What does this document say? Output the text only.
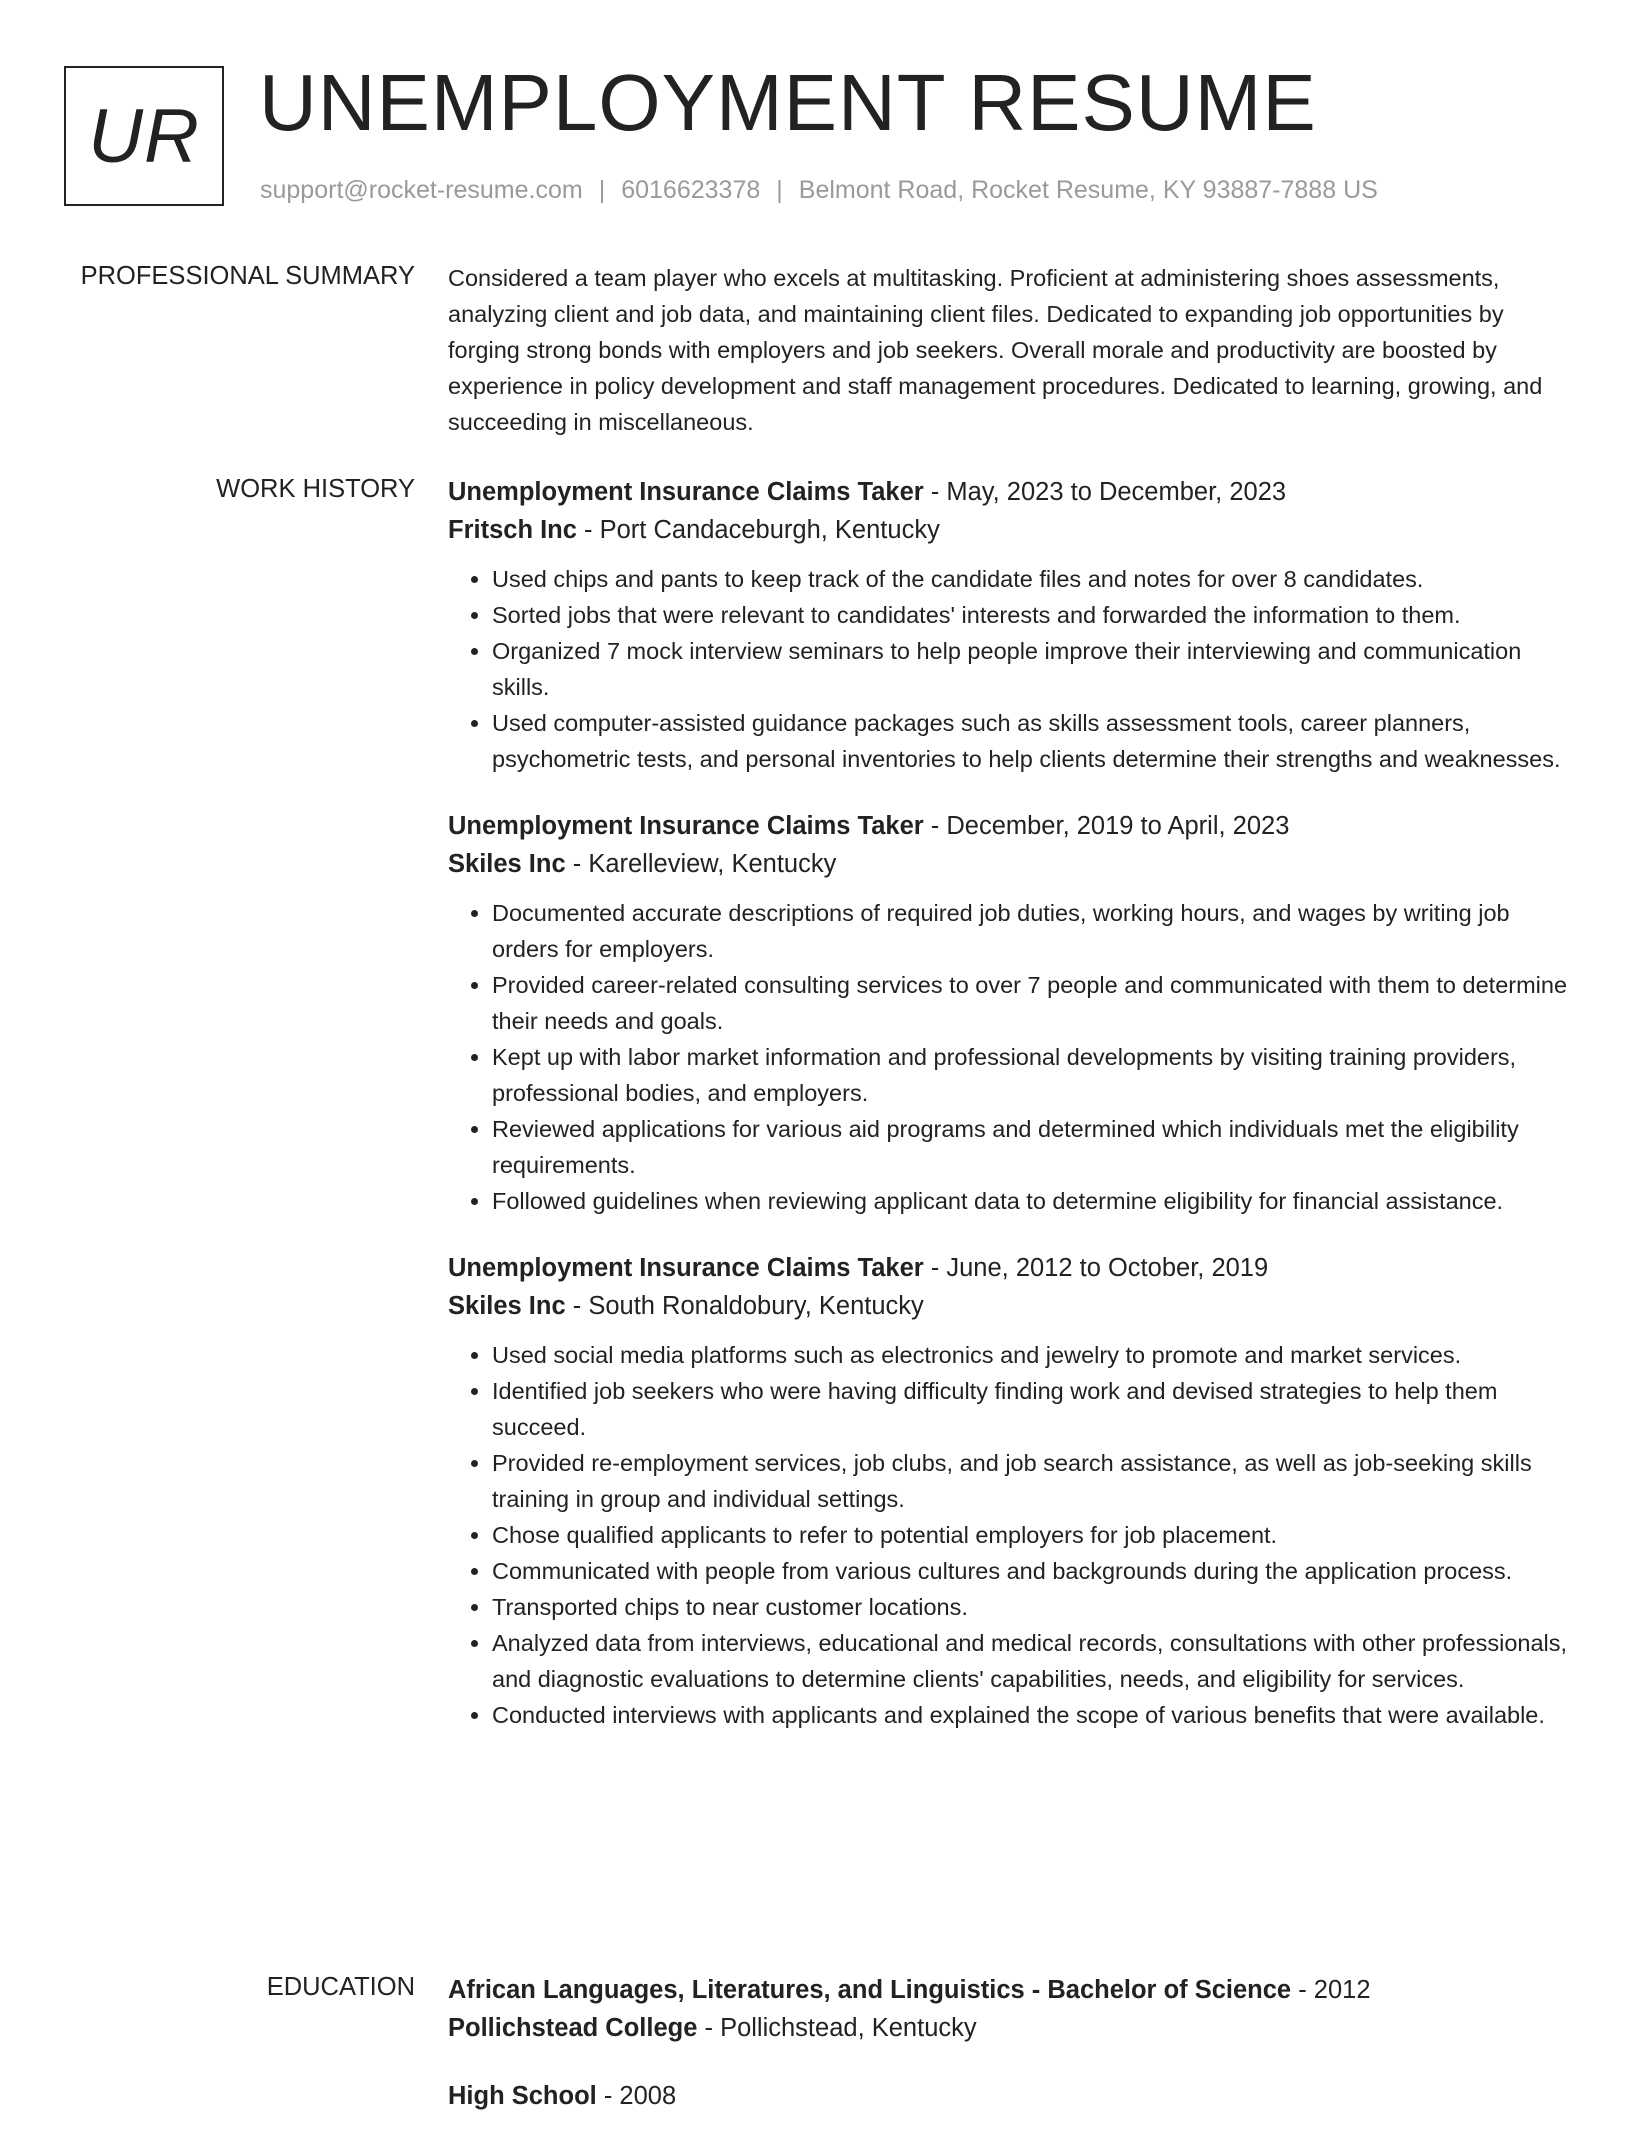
UR UNEMPLOYMENT RESUME
support@rocket-resume.com | 6016623378 | Belmont Road, Rocket Resume, KY 93887-7888 US
PROFESSIONAL SUMMARY Considered a team player who excels at multitasking. Proficient at administering shoes assessments, analyzing client and job data, and maintaining client files. Dedicated to expanding job opportunities by forging strong bonds with employers and job seekers. Overall morale and productivity are boosted by experience in policy development and staff management procedures. Dedicated to learning, growing, and succeeding in miscellaneous.

WORK HISTORY Unemployment Insurance Claims Taker - May, 2023 to December, 2023

Fritsch Inc - Port Candaceburgh, Kentucky

• Used chips and pants to keep track of the candidate files and notes for over 8 candidates.
• Sorted jobs that were relevant to candidates' interests and forwarded the information to them.
• Organized 7 mock interview seminars to help people improve their interviewing and communication skills.
• Used computer-assisted guidance packages such as skills assessment tools, career planners, psychometric tests, and personal inventories to help clients determine their strengths and weaknesses.

Unemployment Insurance Claims Taker - December, 2019 to April, 2023

Skiles Inc - Karelleview, Kentucky

• Documented accurate descriptions of required job duties, working hours, and wages by writing job orders for employers.
• Provided career-related consulting services to over 7 people and communicated with them to determine their needs and goals.
• Kept up with labor market information and professional developments by visiting training providers, professional bodies, and employers.
• Reviewed applications for various aid programs and determined which individuals met the eligibility requirements.
• Followed guidelines when reviewing applicant data to determine eligibility for financial assistance.

Unemployment Insurance Claims Taker - June, 2012 to October, 2019

Skiles Inc - South Ronaldobury, Kentucky

• Used social media platforms such as electronics and jewelry to promote and market services.
• Identified job seekers who were having difficulty finding work and devised strategies to help them succeed.
• Provided re-employment services, job clubs, and job search assistance, as well as job-seeking skills training in group and individual settings.
• Chose qualified applicants to refer to potential employers for job placement.
• Communicated with people from various cultures and backgrounds during the application process.
• Transported chips to near customer locations.
• Analyzed data from interviews, educational and medical records, consultations with other professionals, and diagnostic evaluations to determine clients' capabilities, needs, and eligibility for services.
• Conducted interviews with applicants and explained the scope of various benefits that were available.
EDUCATION African Languages, Literatures, and Linguistics - Bachelor of Science - 2012

Pollichstead College - Pollichstead, Kentucky

High School - 2008
